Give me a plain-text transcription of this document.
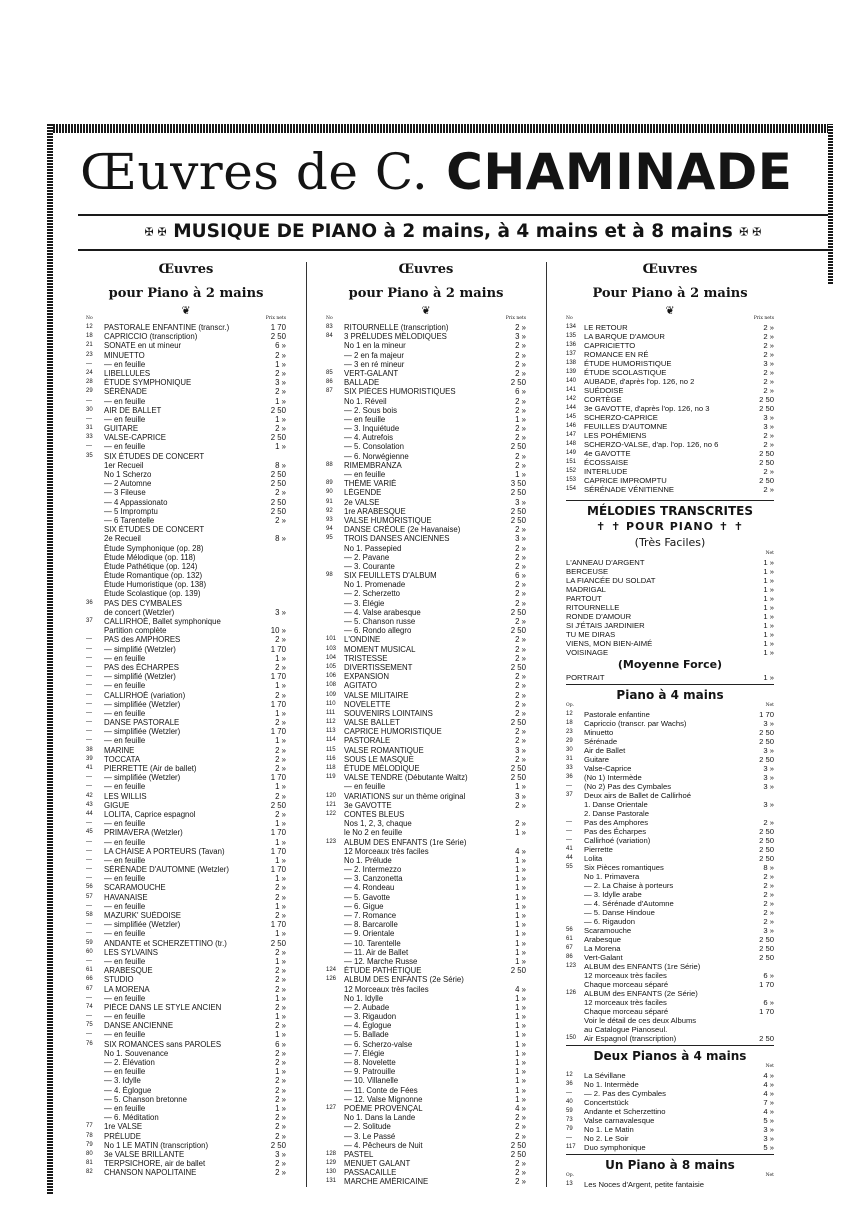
Œuvres de C. CHAMINADE
✠ ✠ MUSIQUE DE PIANO à 2 mains, à 4 mains et à 8 mains ✠ ✠
Œuvres
pour Piano à 2 mains
❦
No	Prix nets
12	PASTORALE ENFANTINE (transcr.)	1 70
18	CAPRICCIO (transcription)	2 50
21	SONATE en ut mineur	6 »
23	MINUETTO	2 »
—	— en feuille	1 »
24	LIBELLULES	2 »
28	ÉTUDE SYMPHONIQUE	3 »
29	SÉRÉNADE	2 »
—	— en feuille	1 »
30	AIR DE BALLET	2 50
—	— en feuille	1 »
31	GUITARE	2 »
33	VALSE-CAPRICE	2 50
—	— en feuille	1 »
35	SIX ÉTUDES DE CONCERT
1er Recueil	8 »
No 1 Scherzo	2 50
— 2 Automne	2 50
— 3 Fileuse	2 »
— 4 Appassionato	2 50
— 5 Impromptu	2 50
— 6 Tarentelle	2 »
SIX ÉTUDES DE CONCERT
2e Recueil	8 »
Étude Symphonique (op. 28)
Étude Mélodique (op. 118)
Étude Pathétique (op. 124)
Étude Romantique (op. 132)
Étude Humoristique (op. 138)
Étude Scolastique (op. 139)
36	PAS DES CYMBALES
de concert (Wetzler)	3 »
37	CALLIRHOÉ, Ballet symphonique
Partition complète	10 »
—	PAS des AMPHORES	2 »
—	— simplifié (Wetzler)	1 70
—	— en feuille	1 »
—	PAS des ÉCHARPES	2 »
—	— simplifié (Wetzler)	1 70
—	— en feuille	1 »
—	CALLIRHOÉ (variation)	2 »
—	— simplifiée (Wetzler)	1 70
—	— en feuille	1 »
—	DANSE PASTORALE	2 »
—	— simplifiée (Wetzler)	1 70
—	— en feuille	1 »
38	MARINE	2 »
39	TOCCATA	2 »
41	PIERRETTE (Air de ballet)	2 »
—	— simplifiée (Wetzler)	1 70
—	— en feuille	1 »
42	LES WILLIS	2 »
43	GIGUE	2 50
44	LOLITA, Caprice espagnol	2 »
—	— en feuille	1 »
45	PRIMAVERA (Wetzler)	1 70
—	— en feuille	1 »
—	LA CHAISE A PORTEURS (Tavan)	1 70
—	— en feuille	1 »
—	SÉRÉNADE D'AUTOMNE (Wetzler)	1 70
—	— en feuille	1 »
56	SCARAMOUCHE	2 »
57	HAVANAISE	2 »
—	— en feuille	1 »
58	MAZURK' SUÉDOISE	2 »
—	— simplifiée (Wetzler)	1 70
—	— en feuille	1 »
59	ANDANTE et SCHERZETTINO (tr.)	2 50
60	LES SYLVAINS	2 »
—	— en feuille	1 »
61	ARABESQUE	2 »
66	STUDIO	2 »
67	LA MORENA	2 »
—	— en feuille	1 »
74	PIÈCE DANS LE STYLE ANCIEN	2 »
—	— en feuille	1 »
75	DANSE ANCIENNE	2 »
—	— en feuille	1 »
76	SIX ROMANCES sans PAROLES	6 »
No 1. Souvenance	2 »
— 2. Élévation	2 »
— en feuille	1 »
— 3. Idylle	2 »
— 4. Églogue	2 »
— 5. Chanson bretonne	2 »
— en feuille	1 »
— 6. Méditation	2 »
77	1re VALSE	2 »
78	PRÉLUDE	2 »
79	No 1 LE MATIN (transcription)	2 50
80	3e VALSE BRILLANTE	3 »
81	TERPSICHORE, air de ballet	2 »
82	CHANSON NAPOLITAINE	2 »
Œuvres
pour Piano à 2 mains
❦
No	Prix nets
83	RITOURNELLE (transcription)	2 »
84	3 PRÉLUDES MÉLODIQUES	3 »
No 1 en la mineur	2 »
— 2 en fa majeur	2 »
— 3 en ré mineur	2 »
85	VERT-GALANT	2 »
86	BALLADE	2 50
87	SIX PIÈCES HUMORISTIQUES	6 »
No 1. Réveil	2 »
— 2. Sous bois	2 »
— en feuille	1 »
— 3. Inquiétude	2 »
— 4. Autrefois	2 »
— 5. Consolation	2 50
— 6. Norwégienne	2 »
88	RIMEMBRANZA	2 »
— en feuille	1 »
89	THÈME VARIÉ	3 50
90	LÉGENDE	2 50
91	2e VALSE	3 »
92	1re ARABESQUE	2 50
93	VALSE HUMORISTIQUE	2 50
94	DANSE CRÉOLE (2e Havanaise)	2 »
95	TROIS DANSES ANCIENNES	3 »
No 1. Passepied	2 »
— 2. Pavane	2 »
— 3. Courante	2 »
98	SIX FEUILLETS D'ALBUM	6 »
No 1. Promenade	2 »
— 2. Scherzetto	2 »
— 3. Élégie	2 »
— 4. Valse arabesque	2 50
— 5. Chanson russe	2 »
— 6. Rondo allegro	2 50
101	L'ONDINE	2 »
103	MOMENT MUSICAL	2 »
104	TRISTESSE	2 »
105	DIVERTISSEMENT	2 50
106	EXPANSION	2 »
108	AGITATO	2 »
109	VALSE MILITAIRE	2 »
110	NOVELETTE	2 »
111	SOUVENIRS LOINTAINS	2 »
112	VALSE BALLET	2 50
113	CAPRICE HUMORISTIQUE	2 »
114	PASTORALE	2 »
115	VALSE ROMANTIQUE	3 »
116	SOUS LE MASQUE	2 »
118	ÉTUDE MÉLODIQUE	2 50
119	VALSE TENDRE (Débutante Waltz)	2 50
— en feuille	1 »
120	VARIATIONS sur un thème original	3 »
121	3e GAVOTTE	2 »
122	CONTES BLEUS
Nos 1, 2, 3, chaque	2 »
le No 2 en feuille	1 »
123	ALBUM DES ENFANTS (1re Série)
12 Morceaux très faciles	4 »
No 1. Prélude	1 »
— 2. Intermezzo	1 »
— 3. Canzonetta	1 »
— 4. Rondeau	1 »
— 5. Gavotte	1 »
— 6. Gigue	1 »
— 7. Romance	1 »
— 8. Barcarolle	1 »
— 9. Orientale	1 »
— 10. Tarentelle	1 »
— 11. Air de Ballet	1 »
— 12. Marche Russe	1 »
124	ÉTUDE PATHÉTIQUE	2 50
126	ALBUM DES ENFANTS (2e Série)
12 Morceaux très faciles	4 »
No 1. Idylle	1 »
— 2. Aubade	1 »
— 3. Rigaudon	1 »
— 4. Églogue	1 »
— 5. Ballade	1 »
— 6. Scherzo-valse	1 »
— 7. Élégie	1 »
— 8. Novelette	1 »
— 9. Patrouille	1 »
— 10. Villanelle	1 »
— 11. Conte de Fées	1 »
— 12. Valse Mignonne	1 »
127	POÈME PROVENÇAL	4 »
No 1. Dans la Lande	2 »
— 2. Solitude	2 »
— 3. Le Passé	2 »
— 4. Pêcheurs de Nuit	2 50
128	PASTEL	2 50
129	MENUET GALANT	2 »
130	PASSACAILLE	2 »
131	MARCHE AMÉRICAINE	2 »
Œuvres
Pour Piano à 2 mains
❦
No	Prix nets
134	LE RETOUR	2 »
135	LA BARQUE D'AMOUR	2 »
136	CAPRICIETTO	2 »
137	ROMANCE EN RÉ	2 »
138	ÉTUDE HUMORISTIQUE	3 »
139	ÉTUDE SCOLASTIQUE	2 »
140	AUBADE, d'après l'op. 126, no 2	2 »
141	SUÉDOISE	2 »
142	CORTÈGE	2 50
144	3e GAVOTTE, d'après l'op. 126, no 3	2 50
145	SCHERZO-CAPRICE	3 »
146	FEUILLES D'AUTOMNE	3 »
147	LES POHÉMIENS	2 »
148	SCHERZO-VALSE, d'ap. l'op. 126, no 6	2 »
149	4e GAVOTTE	2 50
151	ÉCOSSAISE	2 50
152	INTERLUDE	2 »
153	CAPRICE IMPROMPTU	2 50
154	SÉRÉNADE VÉNITIENNE	2 »
MÉLODIES TRANSCRITES
✝ ✝ POUR PIANO ✝ ✝
(Très Faciles)
Net
L'ANNEAU D'ARGENT	1 »
BERCEUSE	1 »
LA FIANCÉE DU SOLDAT	1 »
MADRIGAL	1 »
PARTOUT	1 »
RITOURNELLE	1 »
RONDE D'AMOUR	1 »
SI J'ÉTAIS JARDINIER	1 »
TU ME DIRAS	1 »
VIENS, MON BIEN-AIMÉ	1 »
VOISINAGE	1 »
(Moyenne Force)
PORTRAIT	1 »
Piano à 4 mains
Op.	Net
12	Pastorale enfantine	1 70
18	Capriccio (transcr. par Wachs)	3 »
23	Minuetto	2 50
29	Sérénade	2 50
30	Air de Ballet	3 »
31	Guitare	2 50
33	Valse-Caprice	3 »
36	(No 1) Intermède	3 »
—	(No 2) Pas des Cymbales	3 »
37	Deux airs de Ballet de Callirhoé
1. Danse Orientale	3 »
2. Danse Pastorale
—	Pas des Amphores	2 »
—	Pas des Écharpes	2 50
—	Callirhoé (variation)	2 50
41	Pierrette	2 50
44	Lolita	2 50
55	Six Pièces romantiques	8 »
No 1. Primavera	2 »
— 2. La Chaise à porteurs	2 »
— 3. Idylle arabe	2 »
— 4. Sérénade d'Automne	2 »
— 5. Danse Hindoue	2 »
— 6. Rigaudon	2 »
56	Scaramouche	3 »
61	Arabesque	2 50
67	La Morena	2 50
86	Vert-Galant	2 50
123	ALBUM des ENFANTS (1re Série)
12 morceaux très faciles	6 »
Chaque morceau séparé	1 70
126	ALBUM des ENFANTS (2e Série)
12 morceaux très faciles	6 »
Chaque morceau séparé	1 70
Voir le détail de ces deux Albums
au Catalogue Pianoseul.
150	Air Espagnol (transcription)	2 50
Deux Pianos à 4 mains
Net
12	La Sévillane	4 »
36	No 1. Intermède	4 »
—	— 2. Pas des Cymbales	4 »
40	Concertstück	7 »
59	Andante et Scherzettino	4 »
73	Valse carnavalesque	5 »
79	No 1. Le Matin	3 »
—	No 2. Le Soir	3 »
117	Duo symphonique	5 »
Un Piano à 8 mains
Op.	Net
13	Les Noces d'Argent, petite fantaisie
